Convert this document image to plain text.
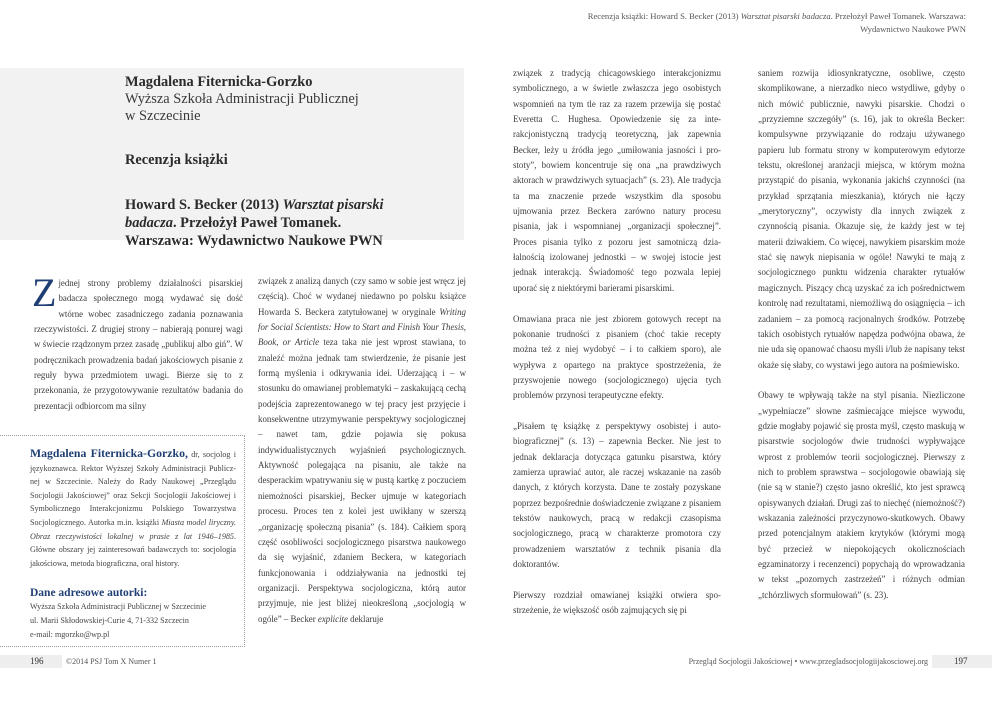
Magdalena Fiternicka-Gorzko
Wyższa Szkoła Administracji Publicznej
w Szczecinie
Recenzja książki
Howard S. Becker (2013) Warsztat pisarski
badacza. Przełożył Paweł Tomanek.
Warszawa: Wydawnictwo Naukowe PWN

Z jednej strony problemy działalności pisarskiej badacza społecznego mogą wydawać się dość wtórne wobec zasadniczego zadania poznawania rzeczywistości. Z drugiej strony – nabierają ponurej wagi w świecie rządzonym przez zasadę „publikuj albo giń”. W podręcznikach prowadzenia badań jakościowych pisanie z reguły bywa przedmiotem uwagi. Bierze się to z przekonania, że przygotowywanie rezultatów badania do prezentacji odbiorcom ma silny

Magdalena Fiternicka-Gorzko, dr, socjolog i językoznawca. Rektor Wyższej Szkoły Administracji Publicznej w Szczecinie. Należy do Rady Naukowej „Przeglądu Socjologii Jakościowej” oraz Sekcji Socjologii Jakościowej i Symbolicznego Interakcjonizmu Polskiego Towarzystwa Socjologicznego. Autorka m.in. książki Miasta model liryczny. Obraz rzeczywistości lokalnej w prasie z lat 1946–1985. Główne obszary jej zainteresowań badawczych to: socjologia jakościowa, metoda biograficzna, oral history.

Dane adresowe autorki:

Wyższa Szkoła Administracji Publicznej w Szczecinie

ul. Marii Skłodowskiej-Curie 4, 71-332 Szczecin

e-mail: mgorzko@wp.pl

związek z analizą danych (czy samo w sobie jest wręcz jej częścią). Choć w wydanej niedawno po polsku książce Howarda S. Beckera zatytułowanej w oryginale Writing for Social Scientists: How to Start and Finish Your Thesis, Book, or Article teza taka nie jest wprost stawiana, to znaleźć można jednak tam stwierdzenie, że pisanie jest formą myślenia i odkrywania idei. Uderzającą i – w stosunku do omawianej problematyki – zaskakującą cechą podejścia zaprezentowanego w tej pracy jest przyjęcie i konsekwentne utrzymywanie perspektywy socjologicznej – nawet tam, gdzie pojawia się pokusa indywidualistycznych wyjaśnień psychologicznych. Aktywność polegająca na pisaniu, ale także na desperackim wpatrywaniu się w pustą kartkę z poczuciem niemożności pisarskiej, Becker ujmuje w kategoriach procesu. Proces ten z kolei jest uwikłany w szerszą „organizację społeczną pisania” (s. 184). Całkiem sporą część osobliwości socjologicznego pisarstwa naukowego da się wyjaśnić, zdaniem Beckera, w kategoriach funkcjonowania i oddziaływania na jednostki tej organizacji. Perspektywa socjologiczna, którą autor przyjmuje, nie jest bliżej nieokreśloną „socjologią w ogóle” – Becker explicite deklaruje

196	©2014 PSJ Tom X Numer 1
Recenzja książki: Howard S. Becker (2013) Warsztat pisarski badacza. Przełożył Paweł Tomanek. Warszawa:
Wydawnictwo Naukowe PWN

związek z tradycją chicagowskiego interakcjonizmu symbolicznego, a w świetle zwłaszcza jego osobistych wspomnień na tym tle raz za razem przewija się postać Everetta C. Hughesa. Opowiedzenie się za interakcjonistyczną tradycją teoretyczną, jak zapewnia Becker, leży u źródła jego „umiłowania jasności i prostoty”, bowiem koncentruje się ona „na prawdziwych aktorach w prawdziwych sytuacjach” (s. 23). Ale tradycja ta ma znaczenie przede wszystkim dla sposobu ujmowania przez Beckera zarówno natury procesu pisania, jak i wspomnianej „organizacji społecznej”. Proces pisania tylko z pozoru jest samotniczą działalnością izolowanej jednostki – w swojej istocie jest jednak interakcją. Świadomość tego pozwala lepiej uporać się z niektórymi barierami pisarskimi.

Omawiana praca nie jest zbiorem gotowych recept na pokonanie trudności z pisaniem (choć takie recepty można też z niej wydobyć – i to całkiem sporo), ale wypływa z opartego na praktyce spostrzeżenia, że przyswojenie nowego (socjologicznego) ujęcia tych problemów przynosi terapeutyczne efekty.

„Pisałem tę książkę z perspektywy osobistej i autobiograficznej” (s. 13) – zapewnia Becker. Nie jest to jednak deklaracja dotycząca gatunku pisarstwa, który zamierza uprawiać autor, ale raczej wskazanie na zasób danych, z których korzysta. Dane te zostały pozyskane poprzez bezpośrednie doświadczenie związane z pisaniem tekstów naukowych, pracą w redakcji czasopisma socjologicznego, pracą w charakterze promotora czy prowadzeniem warsztatów z technik pisania dla doktorantów.

Pierwszy rozdział omawianej książki otwiera spostrzeżenie, że większość osób zajmujących się pi

saniem rozwija idiosynkratyczne, osobliwe, często skomplikowane, a nierzadko nieco wstydliwe, gdyby o nich mówić publicznie, nawyki pisarskie. Chodzi o „przyziemne szczegóły” (s. 16), jak to określa Becker: kompulsywne przywiązanie do rodzaju używanego papieru lub formatu strony w komputerowym edytorze tekstu, określonej aranżacji miejsca, w którym można przystąpić do pisania, wykonania jakichś czynności (na przykład sprzątania mieszkania), których nie łączy „merytoryczny”, oczywisty dla innych związek z czynnością pisania. Okazuje się, że każdy jest w tej materii dziwakiem. Co więcej, nawykiem pisarskim może stać się nawyk niepisania w ogóle! Nawyki te mają z socjologicznego punktu widzenia charakter rytuałów magicznych. Piszący chcą uzyskać za ich pośrednictwem kontrolę nad rezultatami, niemożliwą do osiągnięcia – ich zadaniem – za pomocą racjonalnych środków. Potrzebę takich osobistych rytuałów napędza podwójna obawa, że nie uda się opanować chaosu myśli i/lub że napisany tekst okaże się słaby, co wystawi jego autora na pośmiewisko.

Obawy te wpływają także na styl pisania. Niezliczone „wypełniacze” słowne zaśmiecające miejsce wywodu, gdzie mogłaby pojawić się prosta myśl, często maskują w pisarstwie socjologów dwie trudności wypływające wprost z problemów teorii socjologicznej. Pierwszy z nich to problem sprawstwa – socjologowie obawiają się (nie są w stanie?) często jasno określić, kto jest sprawcą opisywanych działań. Drugi zaś to niechęć (niemożność?) wskazania zależności przyczynowo-skutkowych. Obawy przed potencjalnym atakiem krytyków (którymi mogą być przecież w niepokojących okolicznościach egzaminatorzy i recenzenci) popychają do wprowadzania w tekst „pozornych zastrzeżeń” i różnych odmian „tchórzliwych sformułowań” (s. 23).

Przegląd Socjologii Jakościowej • www.przegladsocjologiijakosciowej.org	197
